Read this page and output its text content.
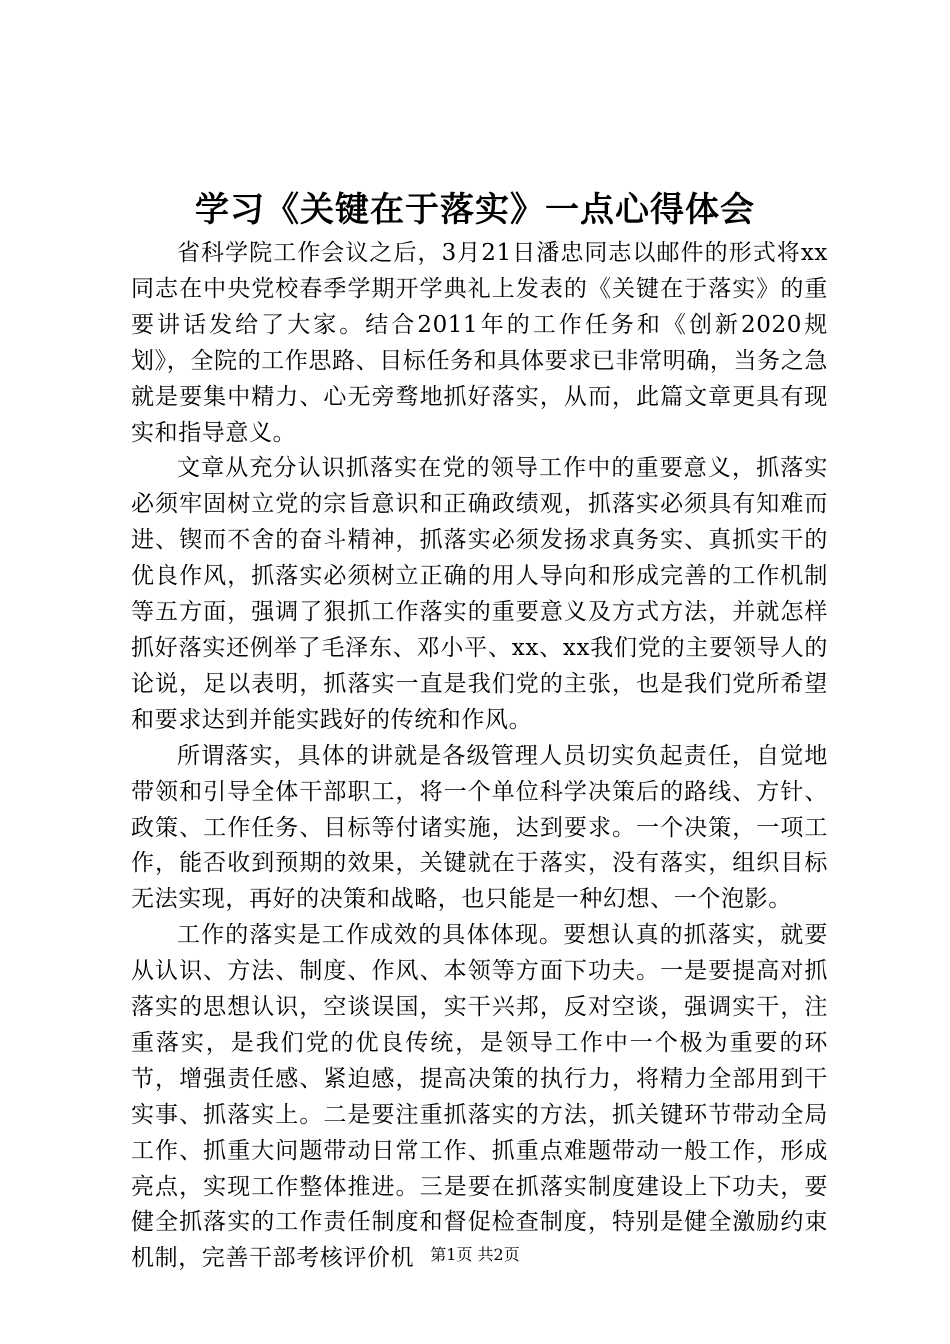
学习《关键在于落实》一点心得体会

省科学院工作会议之后，3月21日潘忠同志以邮件的形式将xx同志在中央党校春季学期开学典礼上发表的《关键在于落实》的重要讲话发给了大家。结合2011年的工作任务和《创新2020规划》，全院的工作思路、目标任务和具体要求已非常明确，当务之急就是要集中精力、心无旁骛地抓好落实，从而，此篇文章更具有现实和指导意义。

文章从充分认识抓落实在党的领导工作中的重要意义，抓落实必须牢固树立党的宗旨意识和正确政绩观，抓落实必须具有知难而进、锲而不舍的奋斗精神，抓落实必须发扬求真务实、真抓实干的优良作风，抓落实必须树立正确的用人导向和形成完善的工作机制等五方面，强调了狠抓工作落实的重要意义及方式方法，并就怎样抓好落实还例举了毛泽东、邓小平、xx、xx我们党的主要领导人的论说，足以表明，抓落实一直是我们党的主张，也是我们党所希望和要求达到并能实践好的传统和作风。

所谓落实，具体的讲就是各级管理人员切实负起责任，自觉地带领和引导全体干部职工，将一个单位科学决策后的路线、方针、政策、工作任务、目标等付诸实施，达到要求。一个决策，一项工作，能否收到预期的效果，关键就在于落实，没有落实，组织目标无法实现，再好的决策和战略，也只能是一种幻想、一个泡影。

工作的落实是工作成效的具体体现。要想认真的抓落实，就要从认识、方法、制度、作风、本领等方面下功夫。一是要提高对抓落实的思想认识，空谈误国，实干兴邦，反对空谈，强调实干，注重落实，是我们党的优良传统，是领导工作中一个极为重要的环节，增强责任感、紧迫感，提高决策的执行力，将精力全部用到干实事、抓落实上。二是要注重抓落实的方法，抓关键环节带动全局工作、抓重大问题带动日常工作、抓重点难题带动一般工作，形成亮点，实现工作整体推进。三是要在抓落实制度建设上下功夫，要健全抓落实的工作责任制度和督促检查制度，特别是健全激励约束机制，完善干部考核评价机	第1页 共2页
